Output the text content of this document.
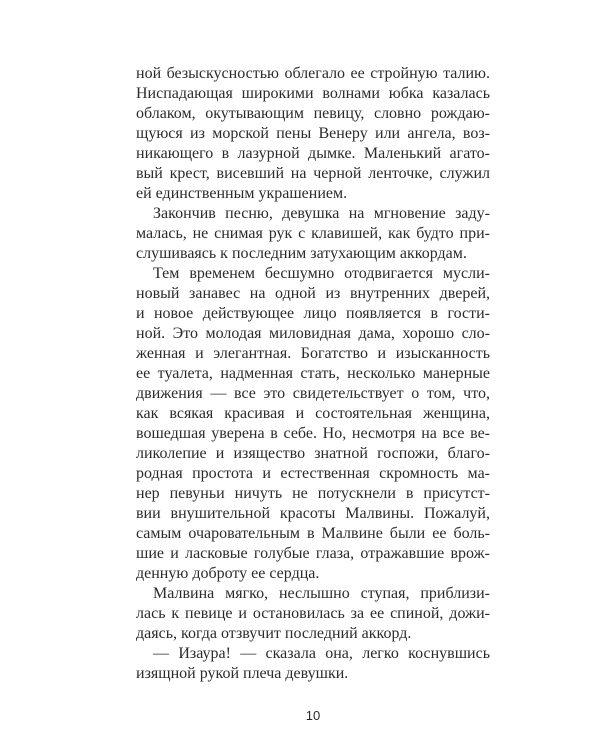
ной безыскусностью облегало ее стройную талию.
Ниспадающая широкими волнами юбка казалась
облаком, окутывающим певицу, словно рождаю-
щуюся из морской пены Венеру или ангела, воз-
никающего в лазурной дымке. Маленький агато-
вый крест, висевший на черной ленточке, служил
ей единственным украшением.
Закончив песню, девушка на мгновение заду-
малась, не снимая рук с клавишей, как будто при-
слушиваясь к последним затухающим аккордам.
Тем временем бесшумно отодвигается мусли-
новый занавес на одной из внутренних дверей,
и новое действующее лицо появляется в гости-
ной. Это молодая миловидная дама, хорошо сло-
женная и элегантная. Богатство и изысканность
ее туалета, надменная стать, несколько манерные
движения — все это свидетельствует о том, что,
как всякая красивая и состоятельная женщина,
вошедшая уверена в себе. Но, несмотря на все ве-
ликолепие и изящество знатной госпожи, благо-
родная простота и естественная скромность ма-
нер певуньи ничуть не потускнели в присутст-
вии внушительной красоты Малвины. Пожалуй,
самым очаровательным в Малвине были ее боль-
шие и ласковые голубые глаза, отражавшие врож-
денную доброту ее сердца.
Малвина мягко, неслышно ступая, приблизи-
лась к певице и остановилась за ее спиной, дожи-
даясь, когда отзвучит последний аккорд.
— Изаура! — сказала она, легко коснувшись
изящной рукой плеча девушки.
10
